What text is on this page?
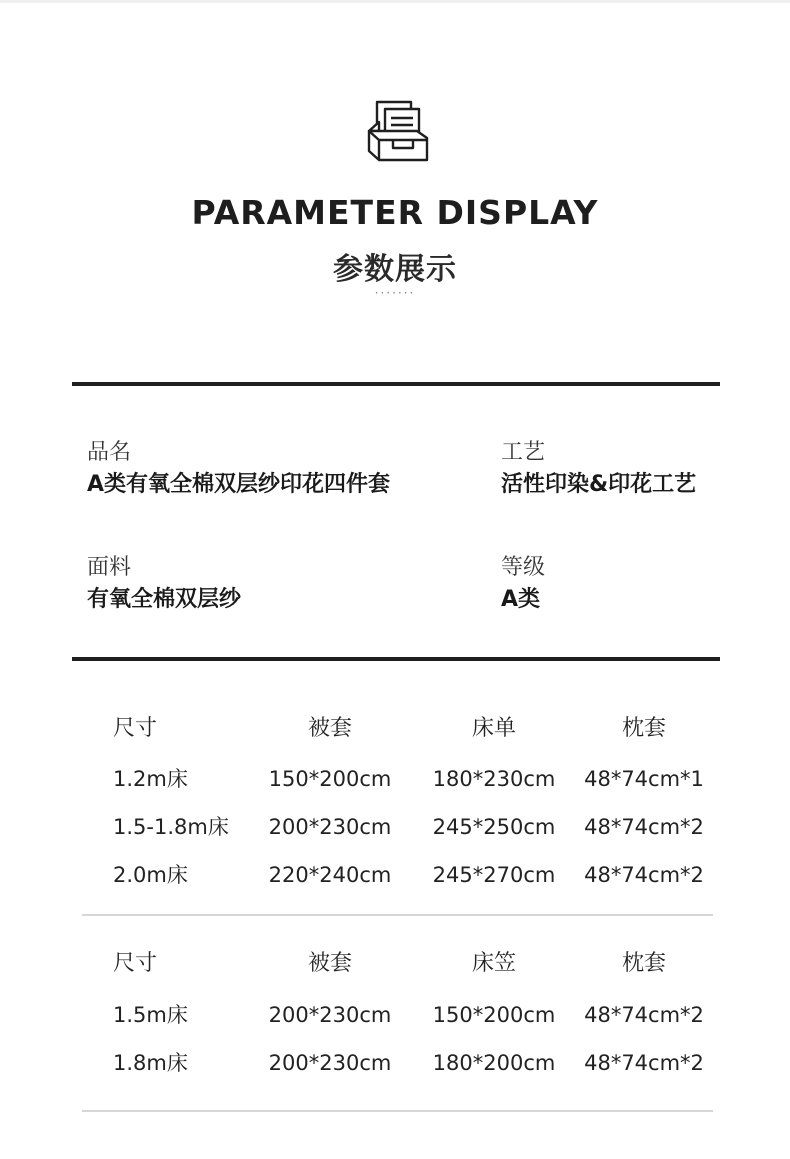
PARAMETER DISPLAY
参数展示
·······
品名
A类有氧全棉双层纱印花四件套
工艺
活性印染&印花工艺
面料
有氧全棉双层纱
等级
A类
尺寸	被套	床单	枕套
1.2m床	150*200cm	180*230cm	48*74cm*1
1.5-1.8m床	200*230cm	245*250cm	48*74cm*2
2.0m床	220*240cm	245*270cm	48*74cm*2
尺寸	被套	床笠	枕套
1.5m床	200*230cm	150*200cm	48*74cm*2
1.8m床	200*230cm	180*200cm	48*74cm*2
